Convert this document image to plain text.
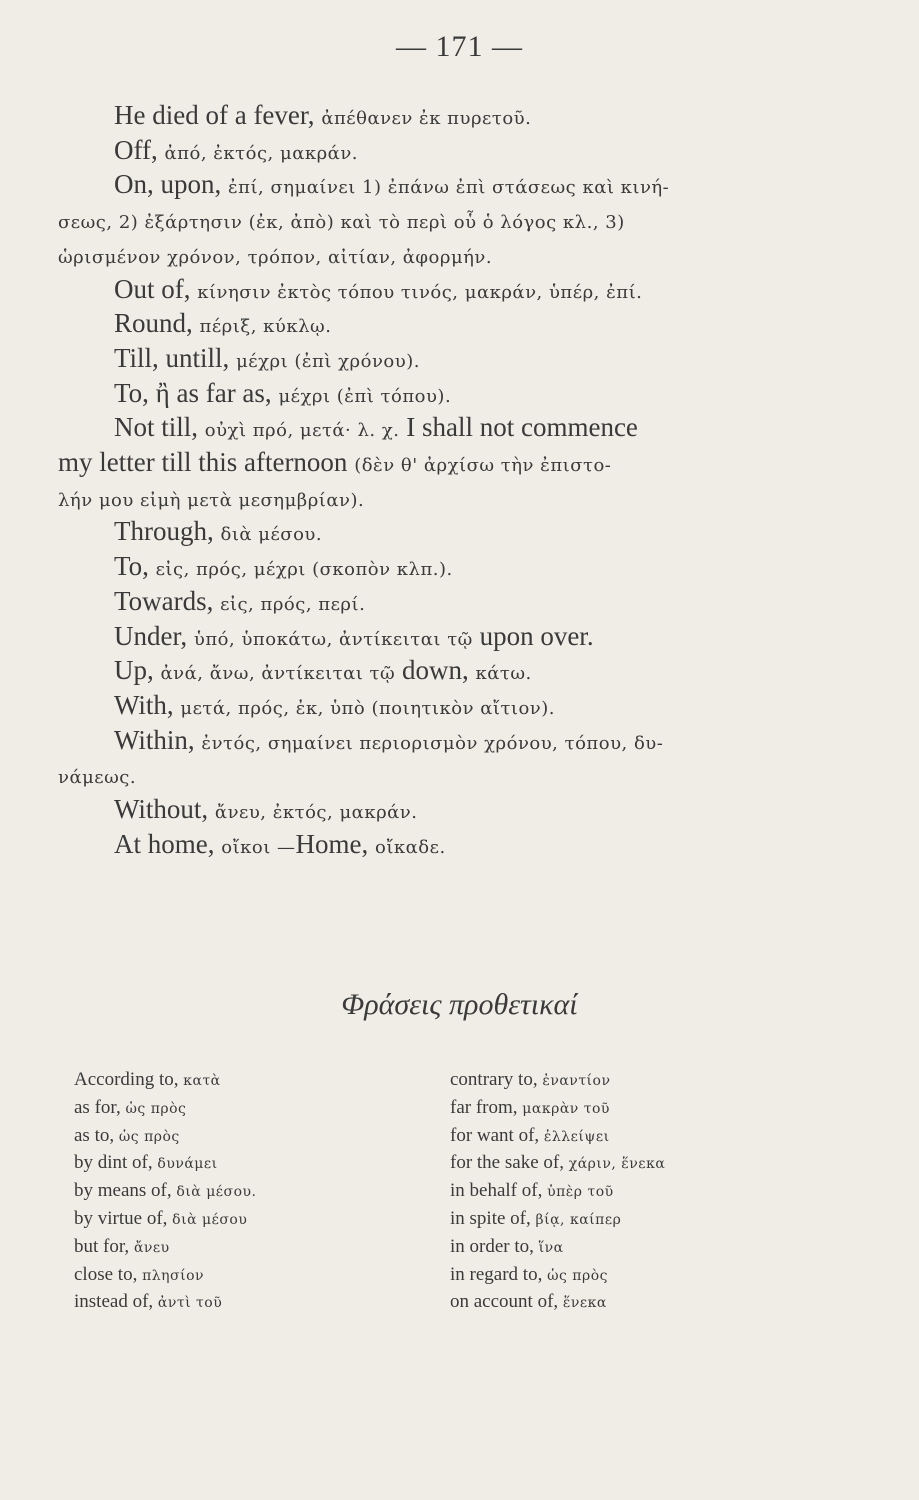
— 171 —
He died of a fever, ἀπέθανεν ἐκ πυρετοῦ.
Off, ἀπό, ἐκτός, μακράν.
On, upon, ἐπί, σημαίνει 1) ἐπάνω ἐπὶ στάσεως καὶ κινή-
σεως, 2) ἐξάρτησιν (ἐκ, ἀπὸ) καὶ τὸ περὶ οὗ ὁ λόγος κλ., 3)
ὡρισμένον χρόνον, τρόπον, αἰτίαν, ἀφορμήν.
Out of, κίνησιν ἐκτὸς τόπου τινός, μακράν, ὑπέρ, ἐπί.
Round, πέριξ, κύκλῳ.
Till, untill, μέχρι (ἐπὶ χρόνου).
To, ἢ as far as, μέχρι (ἐπὶ τόπου).
Not till, οὐχὶ πρό, μετά· λ. χ. I shall not commence
my letter till this afternoon (δὲν θ' ἀρχίσω τὴν ἐπιστο-
λήν μου εἰμὴ μετὰ μεσημβρίαν).
Through, διὰ μέσου.
To, εἰς, πρός, μέχρι (σκοπὸν κλπ.).
Towards, εἰς, πρός, περί.
Under, ὑπό, ὑποκάτω, ἀντίκειται τῷ upon over.
Up, ἀνά, ἄνω, ἀντίκειται τῷ down, κάτω.
With, μετά, πρός, ἐκ, ὑπὸ (ποιητικὸν αἴτιον).
Within, ἐντός, σημαίνει περιορισμὸν χρόνου, τόπου, δυ-
νάμεως.
Without, ἄνευ, ἐκτός, μακράν.
At home, οἴκοι —Home, οἴκαδε.
Φράσεις προθετικαί
According to, κατὰ
as for, ὡς πρὸς
as to, ὡς πρὸς
by dint of, δυνάμει
by means of, διὰ μέσου.
by virtue of, διὰ μέσου
but for, ἄνευ
close to, πλησίον
instead of, ἀντὶ τοῦ
contrary to, ἐναντίον
far from, μακρὰν τοῦ
for want of, ἐλλείψει
for the sake of, χάριν, ἕνεκα
in behalf of, ὑπὲρ τοῦ
in spite of, βίᾳ, καίπερ
in order to, ἵνα
in regard to, ὡς πρὸς
on account of, ἕνεκα
